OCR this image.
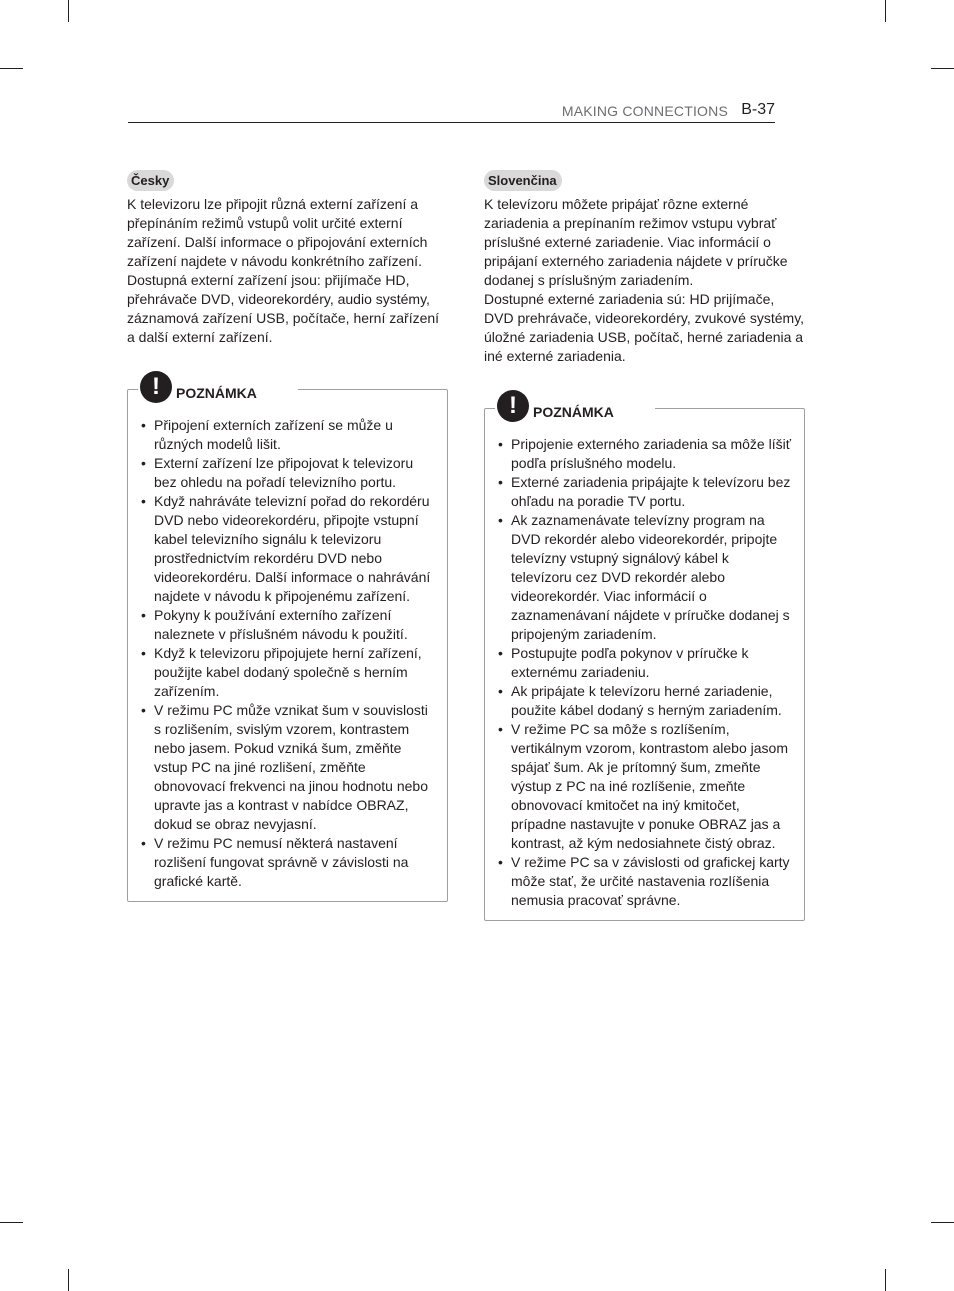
MAKING CONNECTIONS B-37
Česky

K televizoru lze připojit různá externí zařízení a přepínáním režimů vstupů volit určité externí zařízení. Další informace o připojování externích zařízení najdete v návodu konkrétního zařízení.

Dostupná externí zařízení jsou: přijímače HD, přehrávače DVD, videorekordéry, audio systémy, záznamová zařízení USB, počítače, herní zařízení a další externí zařízení.

!	POZNÁMKA
• Připojení externích zařízení se může u různých modelů lišit.
• Externí zařízení lze připojovat k televizoru bez ohledu na pořadí televizního portu.
• Když nahráváte televizní pořad do rekordéru DVD nebo videorekordéru, připojte vstupní kabel televizního signálu k televizoru prostřednictvím rekordéru DVD nebo videorekordéru. Další informace o nahrávání najdete v návodu k připojenému zařízení.
• Pokyny k používání externího zařízení naleznete v příslušném návodu k použití.
• Když k televizoru připojujete herní zařízení, použijte kabel dodaný společně s herním zařízením.
• V režimu PC může vznikat šum v souvislosti s rozlišením, svislým vzorem, kontrastem nebo jasem. Pokud vzniká šum, změňte vstup PC na jiné rozlišení, změňte obnovovací frekvenci na jinou hodnotu nebo upravte jas a kontrast v nabídce OBRAZ, dokud se obraz nevyjasní.
• V režimu PC nemusí některá nastavení rozlišení fungovat správně v závislosti na grafické kartě.
Slovenčina

K televízoru môžete pripájať rôzne externé zariadenia a prepínaním režimov vstupu vybrať príslušné externé zariadenie. Viac informácií o pripájaní externého zariadenia nájdete v príručke dodanej s príslušným zariadením.

Dostupné externé zariadenia sú: HD prijímače, DVD prehrávače, videorekordéry, zvukové systémy, úložné zariadenia USB, počítač, herné zariadenia a iné externé zariadenia.

!	POZNÁMKA
• Pripojenie externého zariadenia sa môže líšiť podľa príslušného modelu.
• Externé zariadenia pripájajte k televízoru bez ohľadu na poradie TV portu.
• Ak zaznamenávate televízny program na DVD rekordér alebo videorekordér, pripojte televízny vstupný signálový kábel k televízoru cez DVD rekordér alebo videorekordér. Viac informácií o zaznamenávaní nájdete v príručke dodanej s pripojeným zariadením.
• Postupujte podľa pokynov v príručke k externému zariadeniu.
• Ak pripájate k televízoru herné zariadenie, použite kábel dodaný s herným zariadením.
• V režime PC sa môže s rozlíšením, vertikálnym vzorom, kontrastom alebo jasom spájať šum. Ak je prítomný šum, zmeňte výstup z PC na iné rozlíšenie, zmeňte obnovovací kmitočet na iný kmitočet, prípadne nastavujte v ponuke OBRAZ jas a kontrast, až kým nedosiahnete čistý obraz.
• V režime PC sa v závislosti od grafickej karty môže stať, že určité nastavenia rozlíšenia nemusia pracovať správne.
